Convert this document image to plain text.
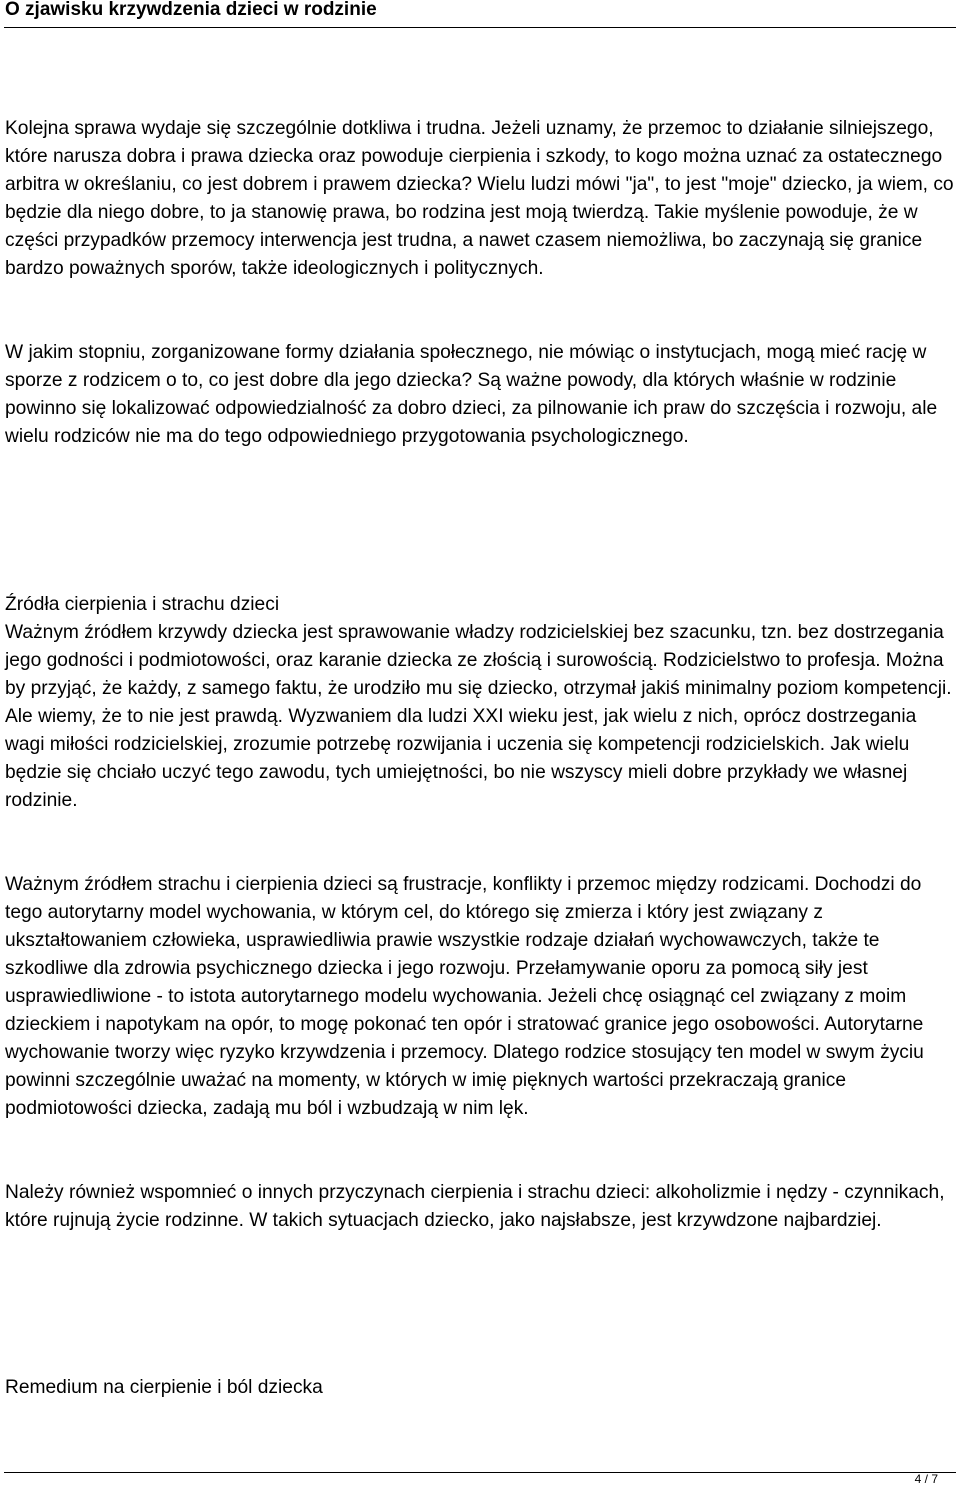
O zjawisku krzywdzenia dzieci w rodzinie

Kolejna sprawa wydaje się szczególnie dotkliwa i trudna. Jeżeli uznamy, że przemoc to działanie silniejszego, które narusza dobra i prawa dziecka oraz powoduje cierpienia i szkody, to kogo można uznać za ostatecznego arbitra w określaniu, co jest dobrem i prawem dziecka? Wielu ludzi mówi "ja", to jest "moje" dziecko, ja wiem, co będzie dla niego dobre, to ja stanowię prawa, bo rodzina jest moją twierdzą. Takie myślenie powoduje, że w części przypadków przemocy interwencja jest trudna, a nawet czasem niemożliwa, bo zaczynają się granice bardzo poważnych sporów, także ideologicznych i politycznych.

W jakim stopniu, zorganizowane formy działania społecznego, nie mówiąc o instytucjach, mogą mieć rację w sporze z rodzicem o to, co jest dobre dla jego dziecka? Są ważne powody, dla których właśnie w rodzinie powinno się lokalizować odpowiedzialność za dobro dzieci, za pilnowanie ich praw do szczęścia i rozwoju, ale wielu rodziców nie ma do tego odpowiedniego przygotowania psychologicznego.

Źródła cierpienia i strachu dzieci

Ważnym źródłem krzywdy dziecka jest sprawowanie władzy rodzicielskiej bez szacunku, tzn. bez dostrzegania jego godności i podmiotowości, oraz karanie dziecka ze złością i surowością. Rodzicielstwo to profesja. Można by przyjąć, że każdy, z samego faktu, że urodziło mu się dziecko, otrzymał jakiś minimalny poziom kompetencji. Ale wiemy, że to nie jest prawdą. Wyzwaniem dla ludzi XXI wieku jest, jak wielu z nich, oprócz dostrzegania wagi miłości rodzicielskiej, zrozumie potrzebę rozwijania i uczenia się kompetencji rodzicielskich. Jak wielu będzie się chciało uczyć tego zawodu, tych umiejętności, bo nie wszyscy mieli dobre przykłady we własnej rodzinie.

Ważnym źródłem strachu i cierpienia dzieci są frustracje, konflikty i przemoc między rodzicami. Dochodzi do tego autorytarny model wychowania, w którym cel, do którego się zmierza i który jest związany z ukształtowaniem człowieka, usprawiedliwia prawie wszystkie rodzaje działań wychowawczych, także te szkodliwe dla zdrowia psychicznego dziecka i jego rozwoju. Przełamywanie oporu za pomocą siły jest usprawiedliwione - to istota autorytarnego modelu wychowania. Jeżeli chcę osiągnąć cel związany z moim dzieckiem i napotykam na opór, to mogę pokonać ten opór i stratować granice jego osobowości. Autorytarne wychowanie tworzy więc ryzyko krzywdzenia i przemocy. Dlatego rodzice stosujący ten model w swym życiu powinni szczególnie uważać na momenty, w których w imię pięknych wartości przekraczają granice podmiotowości dziecka, zadają mu ból i wzbudzają w nim lęk.

Należy również wspomnieć o innych przyczynach cierpienia i strachu dzieci: alkoholizmie i nędzy - czynnikach, które rujnują życie rodzinne. W takich sytuacjach dziecko, jako najsłabsze, jest krzywdzone najbardziej.

Remedium na cierpienie i ból dziecka

4 / 7
